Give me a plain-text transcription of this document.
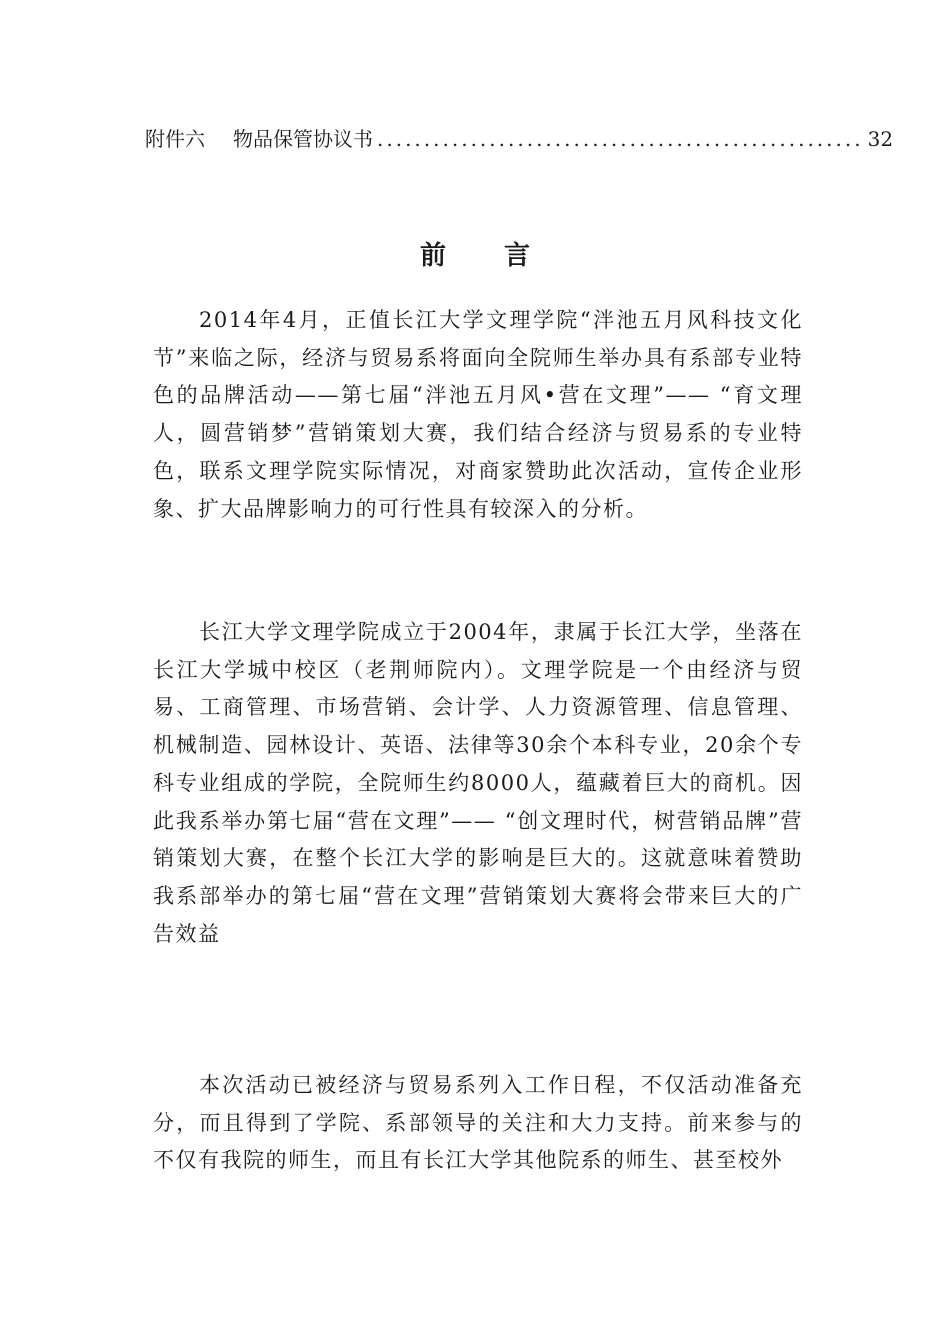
附件六 物品保管协议书 .................................................... 32
前言

2014年4月，正值长江大学文理学院“泮池五月风科技文化节”来临之际，经济与贸易系将面向全院师生举办具有系部专业特色的品牌活动——第七届“泮池五月风•营在文理”—— “育文理人，圆营销梦”营销策划大赛，我们结合经济与贸易系的专业特色，联系文理学院实际情况，对商家赞助此次活动，宣传企业形象、扩大品牌影响力的可行性具有较深入的分析。

长江大学文理学院成立于2004年，隶属于长江大学，坐落在长江大学城中校区（老荆师院内）。文理学院是一个由经济与贸易、工商管理、市场营销、会计学、人力资源管理、信息管理、机械制造、园林设计、英语、法律等30余个本科专业，20余个专科专业组成的学院，全院师生约8000人，蕴藏着巨大的商机。因此我系举办第七届“营在文理”—— “创文理时代，树营销品牌”营销策划大赛，在整个长江大学的影响是巨大的。这就意味着赞助我系部举办的第七届“营在文理”营销策划大赛将会带来巨大的广告效益

本次活动已被经济与贸易系列入工作日程，不仅活动准备充分，而且得到了学院、系部领导的关注和大力支持。前来参与的不仅有我院的师生，而且有长江大学其他院系的师生、甚至校外
